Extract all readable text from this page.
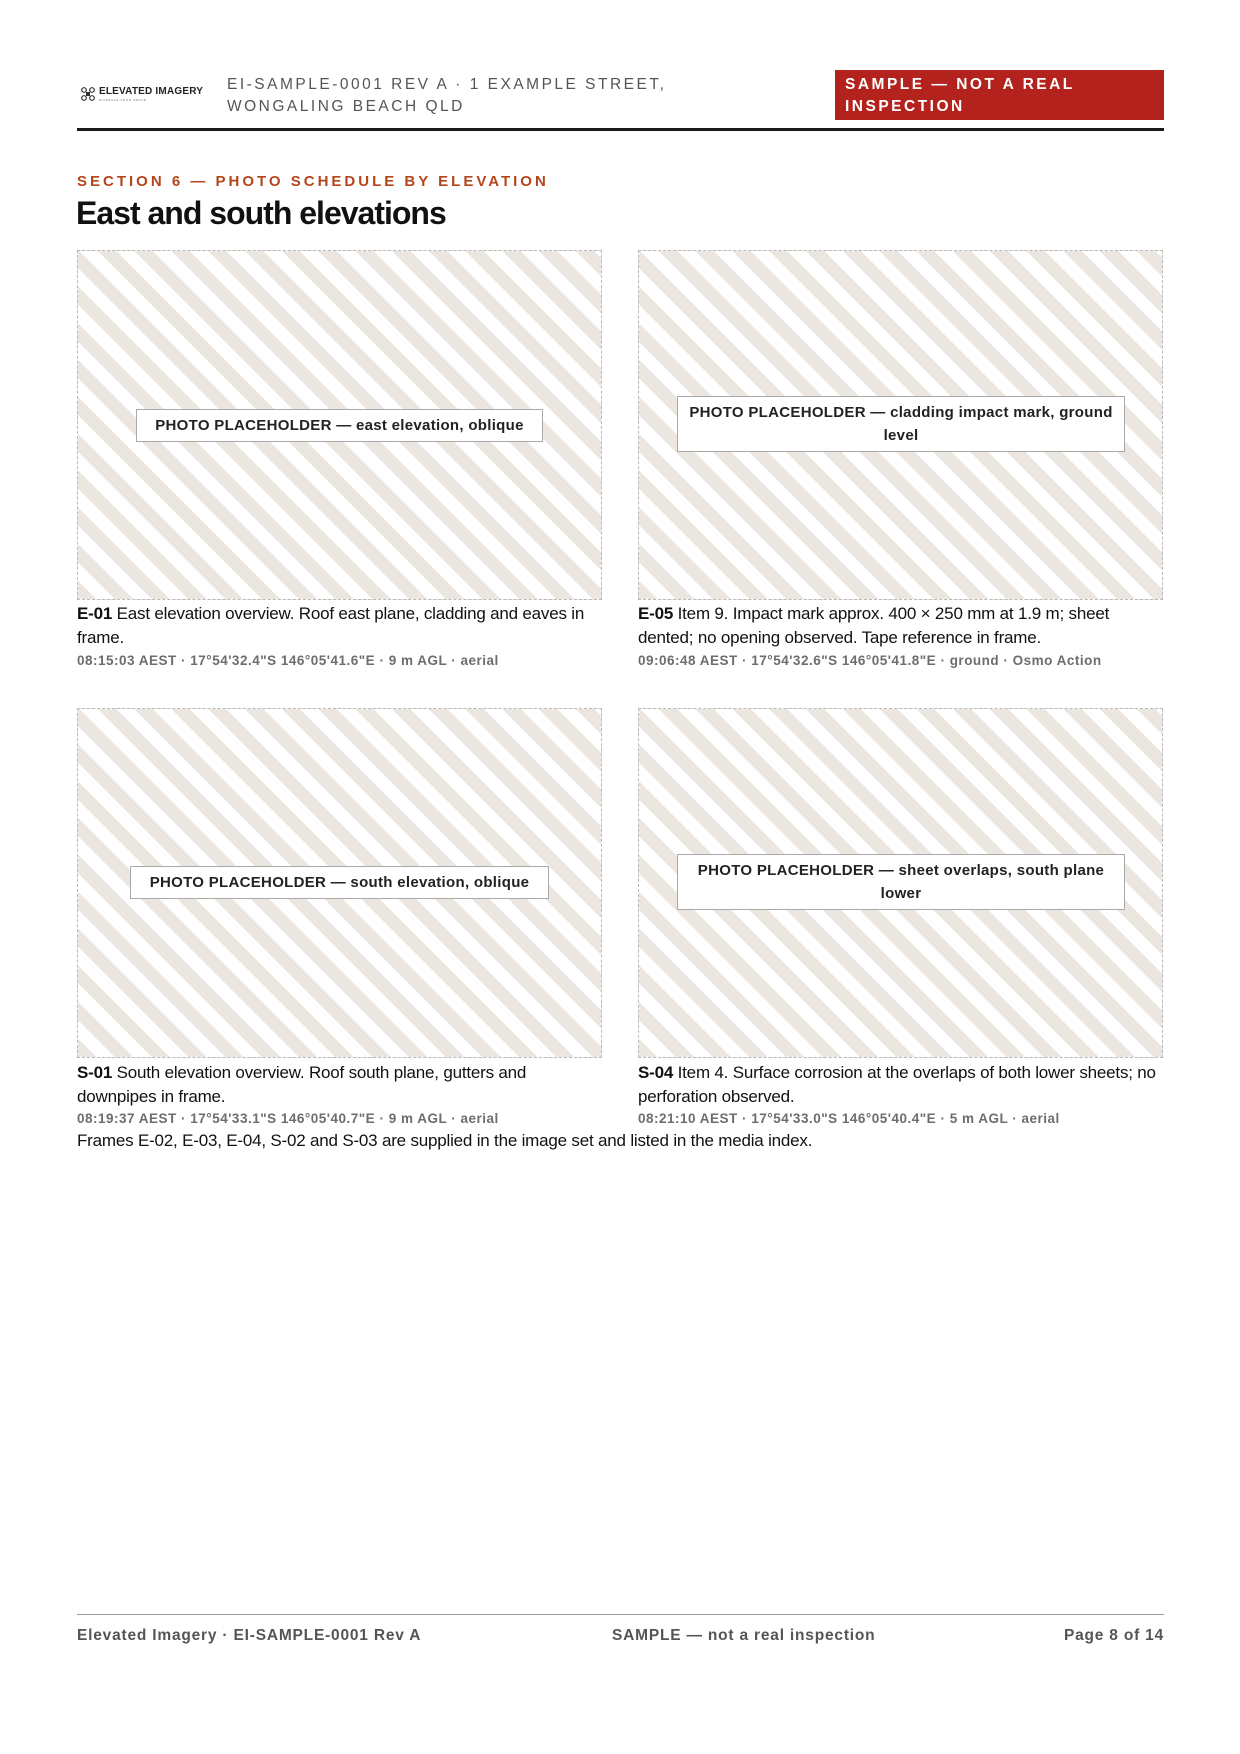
ELEVATED IMAGERY
EVIDENCE FROM ABOVE
EI-SAMPLE-0001 REV A · 1 EXAMPLE STREET, WONGALING BEACH QLD
SAMPLE — NOT A REAL INSPECTION
SECTION 6 — PHOTO SCHEDULE BY ELEVATION
East and south elevations
PHOTO PLACEHOLDER — east elevation, oblique
E-01 East elevation overview. Roof east plane, cladding and eaves in frame.
08:15:03 AEST · 17°54'32.4"S 146°05'41.6"E · 9 m AGL · aerial
PHOTO PLACEHOLDER — cladding impact mark, ground level
E-05 Item 9. Impact mark approx. 400 × 250 mm at 1.9 m; sheet dented; no opening observed. Tape reference in frame.
09:06:48 AEST · 17°54'32.6"S 146°05'41.8"E · ground · Osmo Action
PHOTO PLACEHOLDER — south elevation, oblique
S-01 South elevation overview. Roof south plane, gutters and downpipes in frame.
08:19:37 AEST · 17°54'33.1"S 146°05'40.7"E · 9 m AGL · aerial
PHOTO PLACEHOLDER — sheet overlaps, south plane lower
S-04 Item 4. Surface corrosion at the overlaps of both lower sheets; no perforation observed.
08:21:10 AEST · 17°54'33.0"S 146°05'40.4"E · 5 m AGL · aerial
Frames E-02, E-03, E-04, S-02 and S-03 are supplied in the image set and listed in the media index.
Elevated Imagery · EI-SAMPLE-0001 Rev A	SAMPLE — not a real inspection	Page 8 of 14
